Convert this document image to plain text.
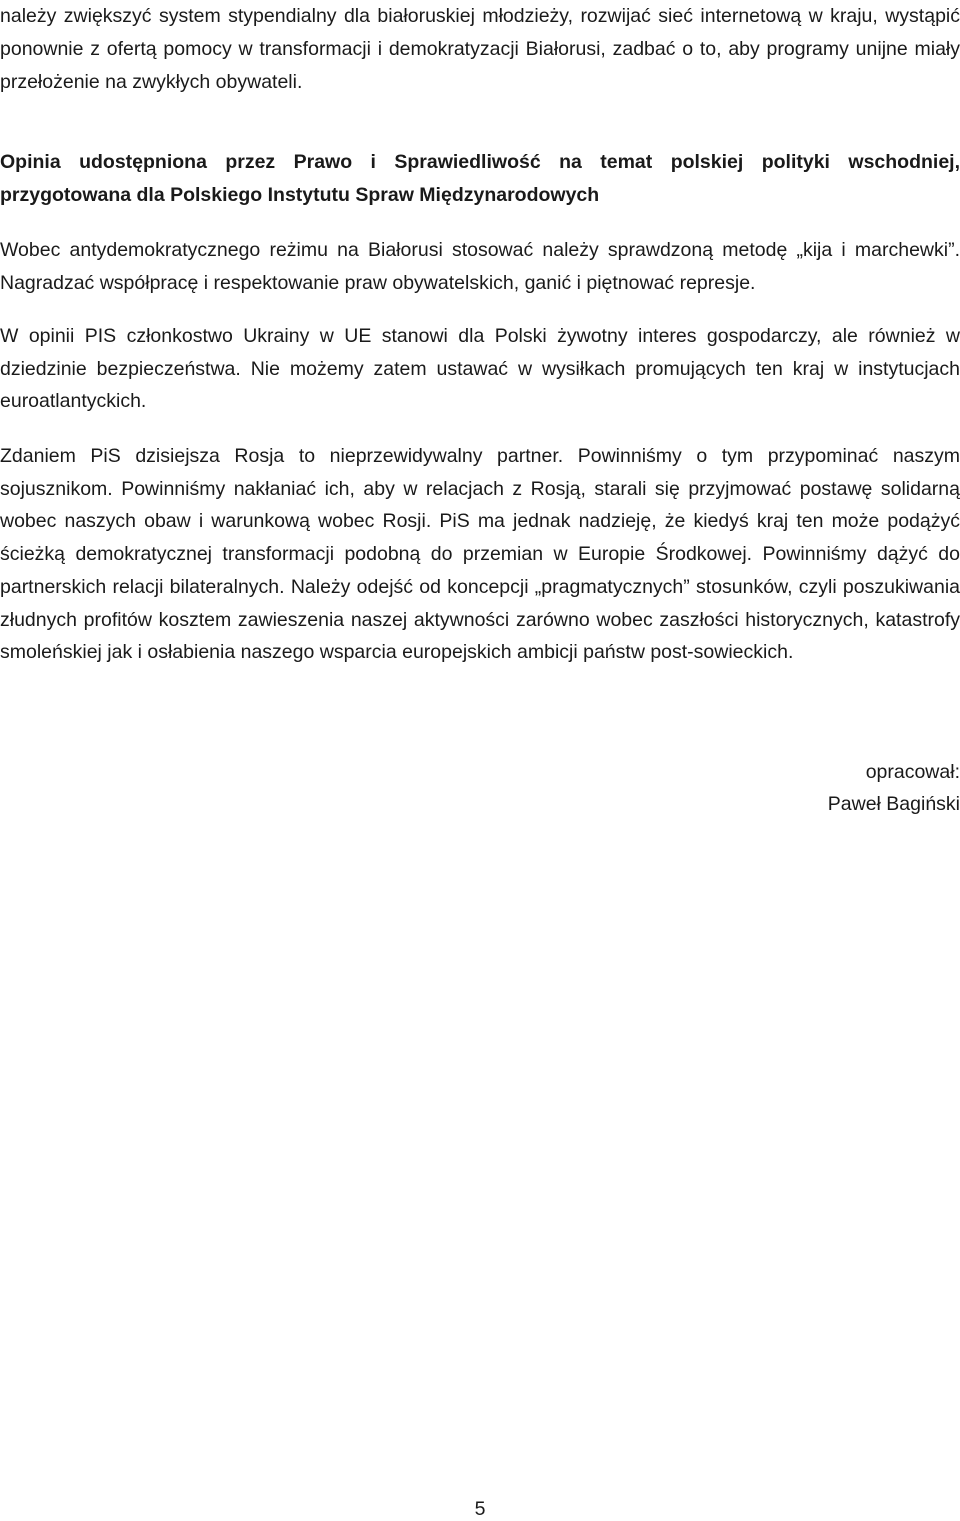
należy zwiększyć system stypendialny dla białoruskiej młodzieży, rozwijać sieć internetową w kraju, wystąpić ponownie z ofertą pomocy w transformacji i demokratyzacji Białorusi, zadbać o to, aby programy unijne miały przełożenie na zwykłych obywateli.

Opinia udostępniona przez Prawo i Sprawiedliwość na temat polskiej polityki wschodniej, przygotowana dla Polskiego Instytutu Spraw Międzynarodowych

Wobec antydemokratycznego reżimu na Białorusi stosować należy sprawdzoną metodę „kija i marchewki”. Nagradzać współpracę i respektowanie praw obywatelskich, ganić i piętnować represje.

W opinii PIS członkostwo Ukrainy w UE stanowi dla Polski żywotny interes gospodarczy, ale również w dziedzinie bezpieczeństwa. Nie możemy zatem ustawać w wysiłkach promujących ten kraj w instytucjach euroatlantyckich.

Zdaniem PiS dzisiejsza Rosja to nieprzewidywalny partner. Powinniśmy o tym przypominać naszym sojusznikom. Powinniśmy nakłaniać ich, aby w relacjach z Rosją, starali się przyjmować postawę solidarną wobec naszych obaw i warunkową wobec Rosji. PiS ma jednak nadzieję, że kiedyś kraj ten może podążyć ścieżką demokratycznej transformacji podobną do przemian w Europie Środkowej. Powinniśmy dążyć do partnerskich relacji bilateralnych. Należy odejść od koncepcji „pragmatycznych” stosunków, czyli poszukiwania złudnych profitów kosztem zawieszenia naszej aktywności zarówno wobec zaszłości historycznych, katastrofy smoleńskiej jak i osłabienia naszego wsparcia europejskich ambicji państw post-sowieckich.

opracował:
Paweł Bagiński
5
